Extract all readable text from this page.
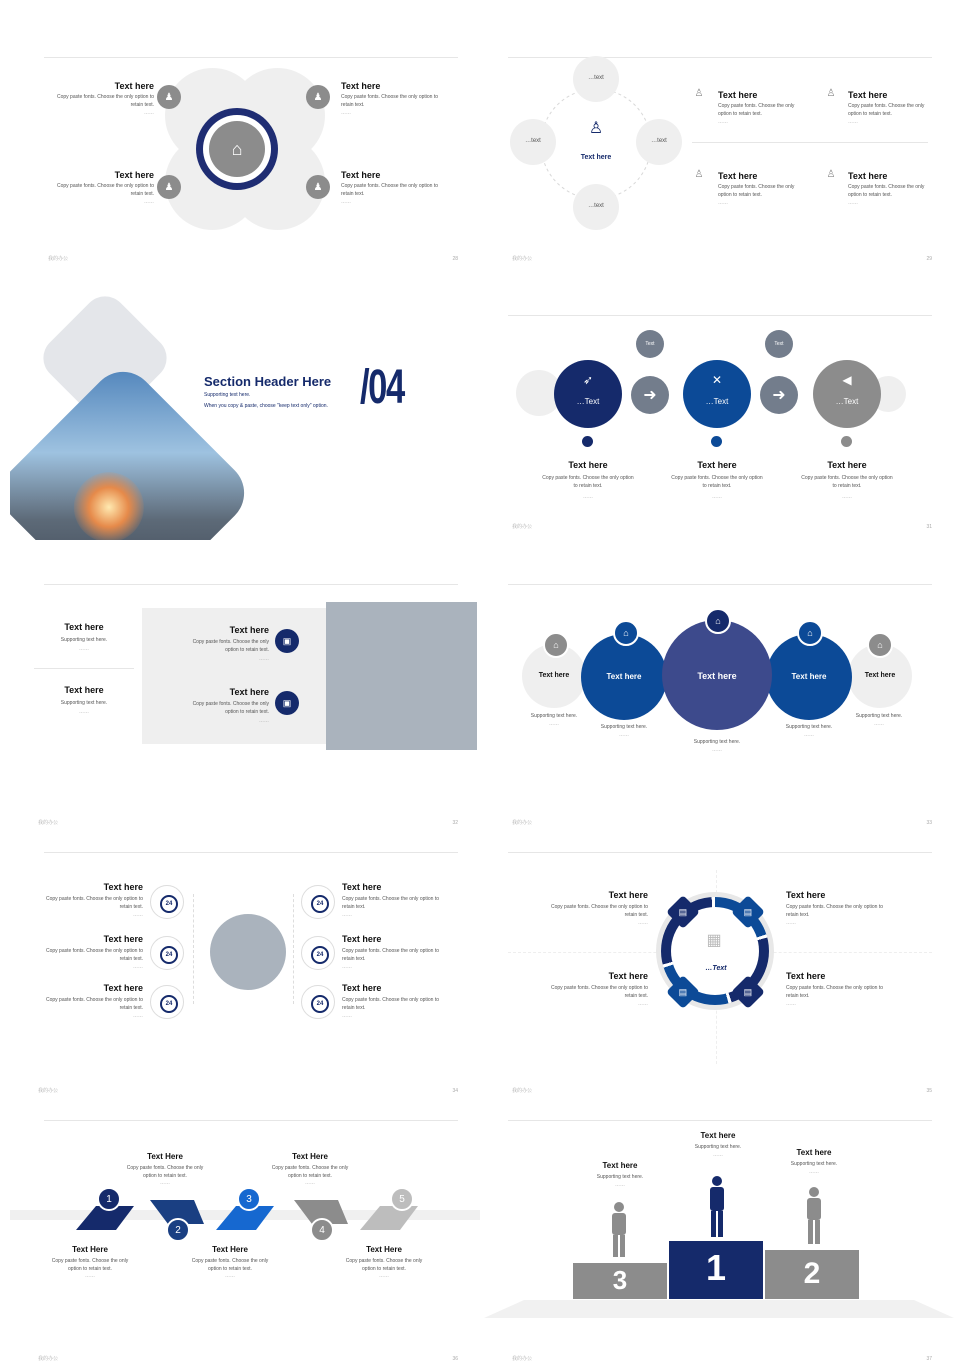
⌂
♟	♟
♟	♟
Text here
Copy paste fonts. Choose the only option to retain text.
……
Text here
Copy paste fonts. Choose the only option to retain text.
……
Text here
Copy paste fonts. Choose the only option to retain text.
……
Text here
Copy paste fonts. Choose the only option to retain text.
……
我的办公	28
…text
…text	…text
…text
♙
Text here
♙ Text here
Copy paste fonts. Choose the only option to retain text.
……
♙ Text here
Copy paste fonts. Choose the only option to retain text.
……
♙ Text here
Copy paste fonts. Choose the only option to retain text.
……
♙ Text here
Copy paste fonts. Choose the only option to retain text.
……
我的办公	29
Section Header Here
Supporting text here.
When you copy & paste, choose "keep text only" option. /04	➶	✕	◀
…Text	…Text	…Text
➜	➜
Text	Text
Text here
Copy paste fonts. Choose the only option to retain text.
……
Text here
Copy paste fonts. Choose the only option to retain text.
……
Text here
Copy paste fonts. Choose the only option to retain text.
……
我的办公	31
Text here
Supporting text here.
……
Text here
Supporting text here.
……
Text here
Copy paste fonts. Choose the only option to retain text.
……
▣
Text here
Copy paste fonts. Choose the only option to retain text.
……
▣
我的办公	32
⌂
⌂
⌂
⌂
⌂
Text here	Text here	Text here	Text here	Text here
Supporting text here.
……	Supporting text here.
……
Supporting text here.
……
Supporting text here.
……
Supporting text here.
……
我的办公	33
24
24
24
24
24
24
Text here
Copy paste fonts. Choose the only option to retain text.
……
Text here
Copy paste fonts. Choose the only option to retain text.
……
Text here
Copy paste fonts. Choose the only option to retain text.
……
Text here
Copy paste fonts. Choose the only option to retain text.
……
Text here
Copy paste fonts. Choose the only option to retain text.
……
Text here
Copy paste fonts. Choose the only option to retain text.
……
我的办公	34
▦
…Text
▤	▤
▤	▤
Text here
Copy paste fonts. Choose the only option to retain text.
……
Text here
Copy paste fonts. Choose the only option to retain text.
……
Text here
Copy paste fonts. Choose the only option to retain text.
……
Text here
Copy paste fonts. Choose the only option to retain text.
……
我的办公	35
1
2
3
4
5
Text Here
Copy paste fonts. Choose the only option to retain text.
……
Text Here
Copy paste fonts. Choose the only option to retain text.
……
Text Here
Copy paste fonts. Choose the only option to retain text.
……
Text Here
Copy paste fonts. Choose the only option to retain text.
……
Text Here
Copy paste fonts. Choose the only option to retain text.
……
我的办公	36
3	1	2
Text here
Supporting text here.
……
Text here
Supporting text here.
……	Text here
Supporting text here.
……
我的办公	37
